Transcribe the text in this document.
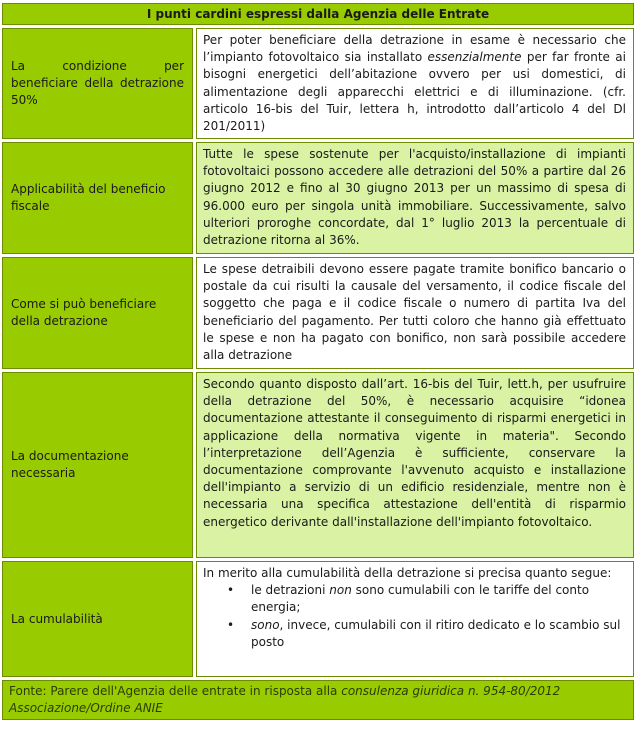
I punti cardini espressi dalla Agenzia delle Entrate
La condizione per beneficiare della detrazione 50%
Per poter beneficiare della detrazione in esame è necessario che l’impianto fotovoltaico sia installato essenzialmente per far fronte ai bisogni energetici dell’abitazione ovvero per usi domestici, di alimentazione degli apparecchi elettrici e di illuminazione. (cfr. articolo 16-bis del Tuir, lettera h, introdotto dall’articolo 4 del Dl 201/2011)
Applicabilità del beneficio fiscale
Tutte le spese sostenute per l'acquisto/installazione di impianti fotovoltaici possono accedere alle detrazioni del 50% a partire dal 26 giugno 2012 e fino al 30 giugno 2013 per un massimo di spesa di 96.000 euro per singola unità immobiliare. Successivamente, salvo ulteriori proroghe concordate, dal 1° luglio 2013 la percentuale di detrazione ritorna al 36%.
Come si può beneficiare della detrazione
Le spese detraibili devono essere pagate tramite bonifico bancario o postale da cui risulti la causale del versamento, il codice fiscale del soggetto che paga e il codice fiscale o numero di partita Iva del beneficiario del pagamento. Per tutti coloro che hanno già effettuato le spese e non ha pagato con bonifico, non sarà possibile accedere alla detrazione
La documentazione necessaria
Secondo quanto disposto dall’art. 16-bis del Tuir, lett.h, per usufruire della detrazione del 50%, è necessario acquisire “idonea documentazione attestante il conseguimento di risparmi energetici in applicazione della normativa vigente in materia". Secondo l’interpretazione dell’Agenzia è sufficiente, conservare la documentazione comprovante l'avvenuto acquisto e installazione dell'impianto a servizio di un edificio residenziale, mentre non è necessaria una specifica attestazione dell'entità di risparmio energetico derivante dall'installazione dell'impianto fotovoltaico.
La cumulabilità
In merito alla cumulabilità della detrazione si precisa quanto segue:
• le detrazioni non sono cumulabili con le tariffe del conto energia;
• sono, invece, cumulabili con il ritiro dedicato e lo scambio sul posto
Fonte: Parere dell'Agenzia delle entrate in risposta alla consulenza giuridica n. 954-80/2012 Associazione/Ordine ANIE
